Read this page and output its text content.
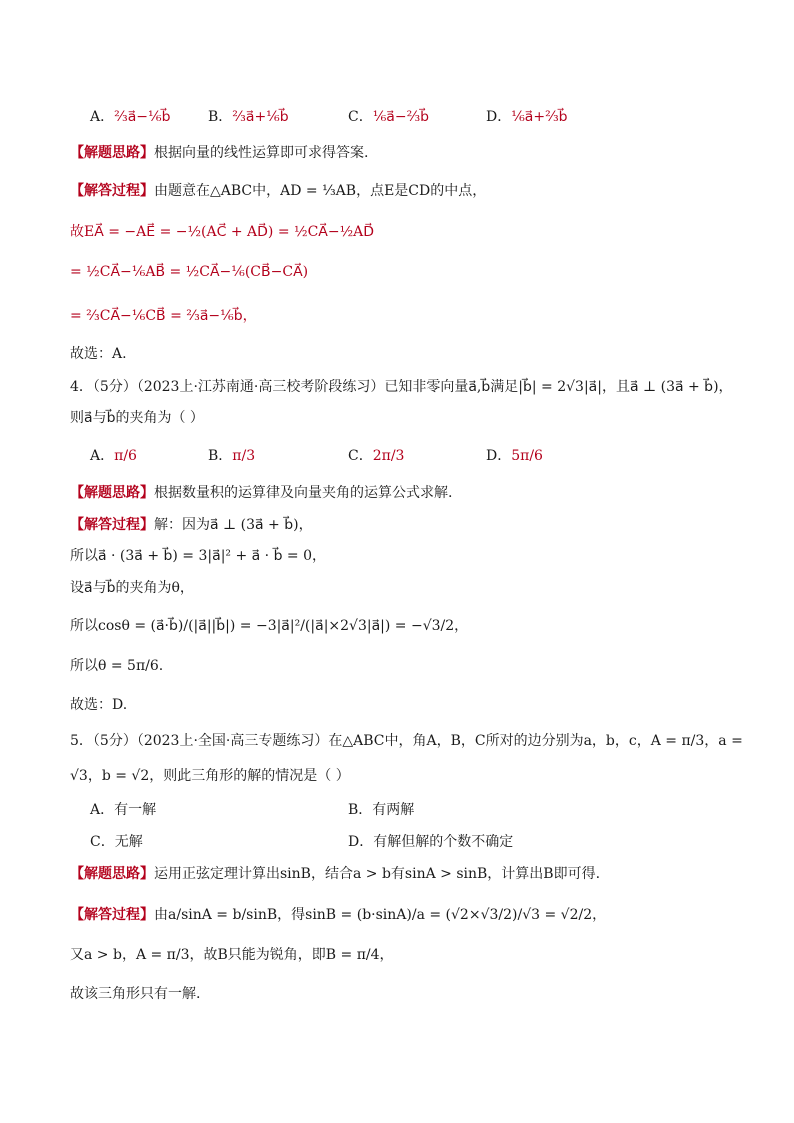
A．⅔a⃗−⅙b⃗	B．⅔a⃗+⅙b⃗	C．⅙a⃗−⅔b⃗	D．⅙a⃗+⅔b⃗
【解题思路】根据向量的线性运算即可求得答案.
【解答过程】由题意在△ABC中，AD = ⅓AB，点E是CD的中点，
故EA⃗ = −AE⃗ = −½(AC⃗ + AD⃗) = ½CA⃗−½AD⃗
= ½CA⃗−⅙AB⃗ = ½CA⃗−⅙(CB⃗−CA⃗)
= ⅔CA⃗−⅙CB⃗ = ⅔a⃗−⅙b⃗，
故选：A.
4．（5分）（2023上·江苏南通·高三校考阶段练习）已知非零向量a⃗,b⃗满足|b⃗| = 2√3|a⃗|，且a⃗ ⊥ (3a⃗ + b⃗)，
则a⃗与b⃗的夹角为（ ）
A．π/6	B．π/3	C．2π/3	D．5π/6
【解题思路】根据数量积的运算律及向量夹角的运算公式求解.
【解答过程】解：因为a⃗ ⊥ (3a⃗ + b⃗)，
所以a⃗ · (3a⃗ + b⃗) = 3|a⃗|² + a⃗ · b⃗ = 0，
设a⃗与b⃗的夹角为θ，
所以cosθ = (a⃗·b⃗)/(|a⃗||b⃗|) = −3|a⃗|²/(|a⃗|×2√3|a⃗|) = −√3/2，
所以θ = 5π/6.
故选：D.
5．（5分）（2023上·全国·高三专题练习）在△ABC中，角A，B，C所对的边分别为a，b，c，A = π/3，a =
√3，b = √2，则此三角形的解的情况是（ ）
A．有一解	B．有两解
C．无解	D．有解但解的个数不确定
【解题思路】运用正弦定理计算出sinB，结合a > b有sinA > sinB，计算出B即可得.
【解答过程】由a/sinA = b/sinB，得sinB = (b·sinA)/a = (√2×√3/2)/√3 = √2/2，
又a > b，A = π/3，故B只能为锐角，即B = π/4，
故该三角形只有一解.
